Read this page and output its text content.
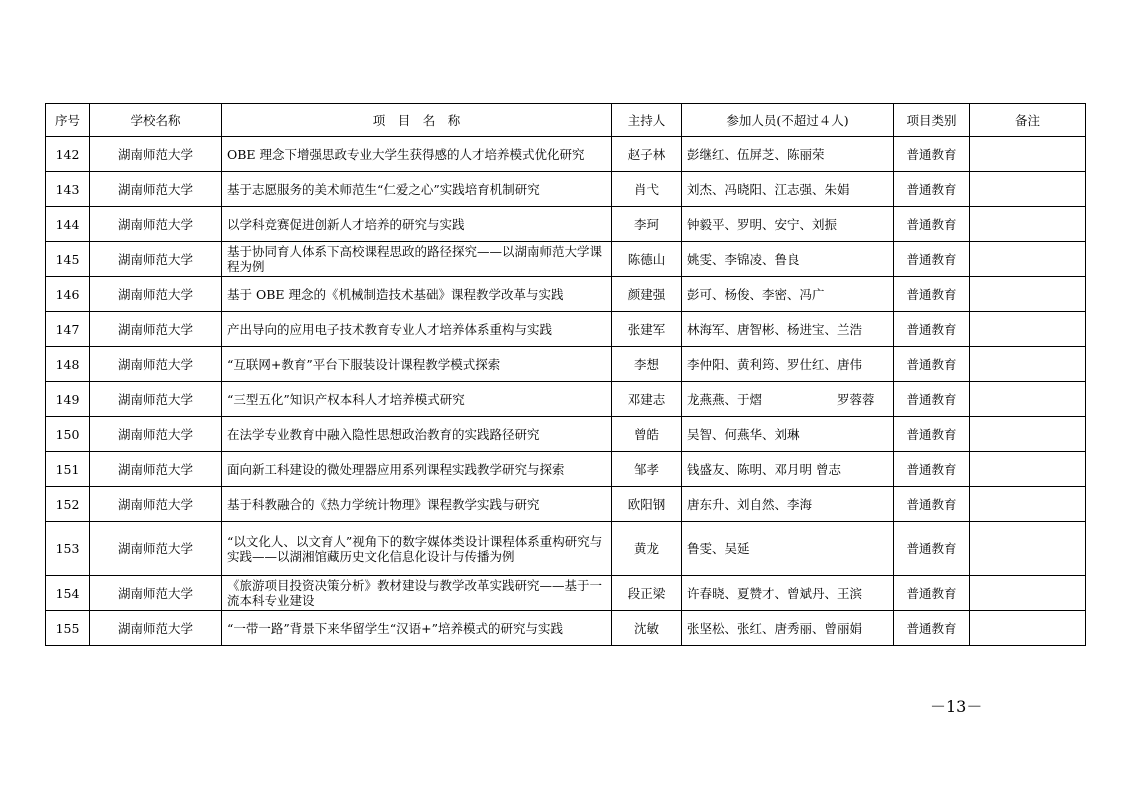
序号	学校名称	项　目　名　称	主持人	参加人员(不超过４人)	项目类别	备注
142	湖南师范大学	OBE 理念下增强思政专业大学生获得感的人才培养模式优化研究	赵子林	彭继红、伍屏芝、陈丽荣	普通教育	
143	湖南师范大学	基于志愿服务的美术师范生“仁爱之心”实践培育机制研究	肖弋	刘杰、冯晓阳、江志强、朱娟	普通教育	
144	湖南师范大学	以学科竞赛促进创新人才培养的研究与实践	李珂	钟毅平、罗明、安宁、刘振	普通教育	
145	湖南师范大学	基于协同育人体系下高校课程思政的路径探究——以湖南师范大学课程为例	陈德山	姚雯、李锦凌、鲁良	普通教育	
146	湖南师范大学	基于 OBE 理念的《机械制造技术基础》课程教学改革与实践	颜建强	彭可、杨俊、李密、冯广	普通教育	
147	湖南师范大学	产出导向的应用电子技术教育专业人才培养体系重构与实践	张建军	林海军、唐智彬、杨进宝、兰浩	普通教育	
148	湖南师范大学	“互联网+教育”平台下服装设计课程教学模式探索	李想	李仲阳、黄利筠、罗仕红、唐伟	普通教育	
149	湖南师范大学	“三型五化”知识产权本科人才培养模式研究	邓建志	龙燕燕、于熠　　　　　　罗蓉蓉	普通教育	
150	湖南师范大学	在法学专业教育中融入隐性思想政治教育的实践路径研究	曾皓	吴智、何燕华、刘琳	普通教育	
151	湖南师范大学	面向新工科建设的微处理器应用系列课程实践教学研究与探索	邹孝	钱盛友、陈明、邓月明 曾志	普通教育	
152	湖南师范大学	基于科教融合的《热力学统计物理》课程教学实践与研究	欧阳钢	唐东升、刘自然、李海	普通教育	
153	湖南师范大学	“以文化人、以文育人”视角下的数字媒体类设计课程体系重构研究与实践——以湖湘馆藏历史文化信息化设计与传播为例	黄龙	鲁雯、吴延	普通教育	
154	湖南师范大学	《旅游项目投资决策分析》教材建设与教学改革实践研究——基于一流本科专业建设	段正梁	许春晓、夏赞才、曾斌丹、王滨	普通教育	
155	湖南师范大学	“一带一路”背景下来华留学生“汉语+”培养模式的研究与实践	沈敏	张坚松、张红、唐秀丽、曾丽娟	普通教育	
－13－
